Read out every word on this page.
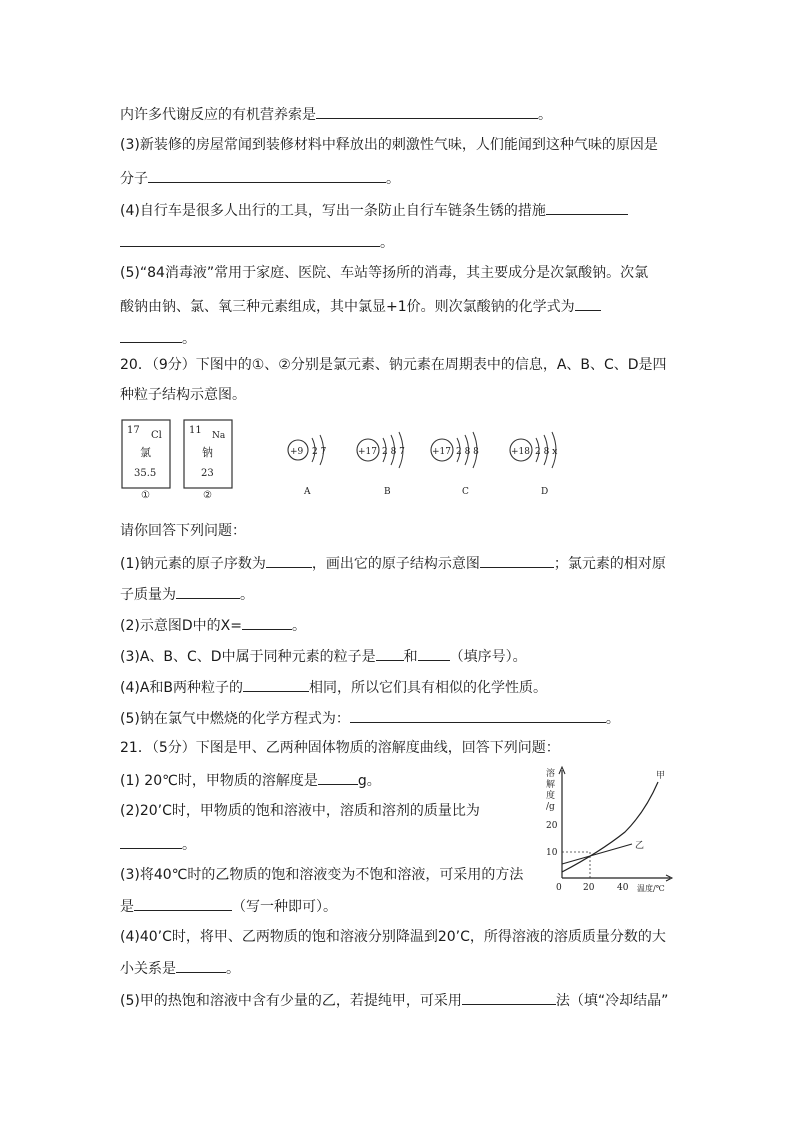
内许多代谢反应的有机营养索是	。
(3)新装修的房屋常闻到装修材料中释放出的刺激性气味，人们能闻到这种气味的原因是
分子	。
(4)自行车是很多人出行的工具，写出一条防止自行车链条生锈的措施
。
(5)“84消毒液”常用于家庭、医院、车站等扬所的消毒，其主要成分是次氯酸钠。次氯
酸钠由钠、氯、氧三种元素组成，其中氯显+1价。则次氯酸钠的化学式为
。
20．（9分）下图中的①、②分别是氯元素、钠元素在周期表中的信息，A、B、C、D是四
种粒子结构示意图。
17 Cl
氯
35.5
①
11 Na
钠
23
②
+9 2 7
A
+17 2 8 7
B
+17 2 8 8
C
+18 2 8 x
D
请你回答下列问题：
(1)钠元素的原子序数为	，画出它的原子结构示意图	；氯元素的相对原
子质量为	。
(2)示意图D中的X=	。
(3)A、B、C、D中属于同种元素的粒子是 和 （填序号）。
(4)A和B两种粒子的	相同，所以它们具有相似的化学性质。
(5)钠在氯气中燃烧的化学方程式为：	。
21．（5分）下图是甲、乙两种固体物质的溶解度曲线，回答下列问题：
(1) 20℃时，甲物质的溶解度是	g。
(2)20’C时，甲物质的饱和溶液中，溶质和溶剂的质量比为
。
(3)将40℃时的乙物质的饱和溶液变为不饱和溶液，可采用的方法
是	（写一种即可）。
(4)40’C时，将甲、乙两物质的饱和溶液分别降温到20’C，所得溶液的溶质质量分数的大
小关系是	。
(5)甲的热饱和溶液中含有少量的乙，若提纯甲，可采用	法（填“冷却结晶”
溶
解
度
/g
20
10
0 20	40 温度/℃
甲
乙
